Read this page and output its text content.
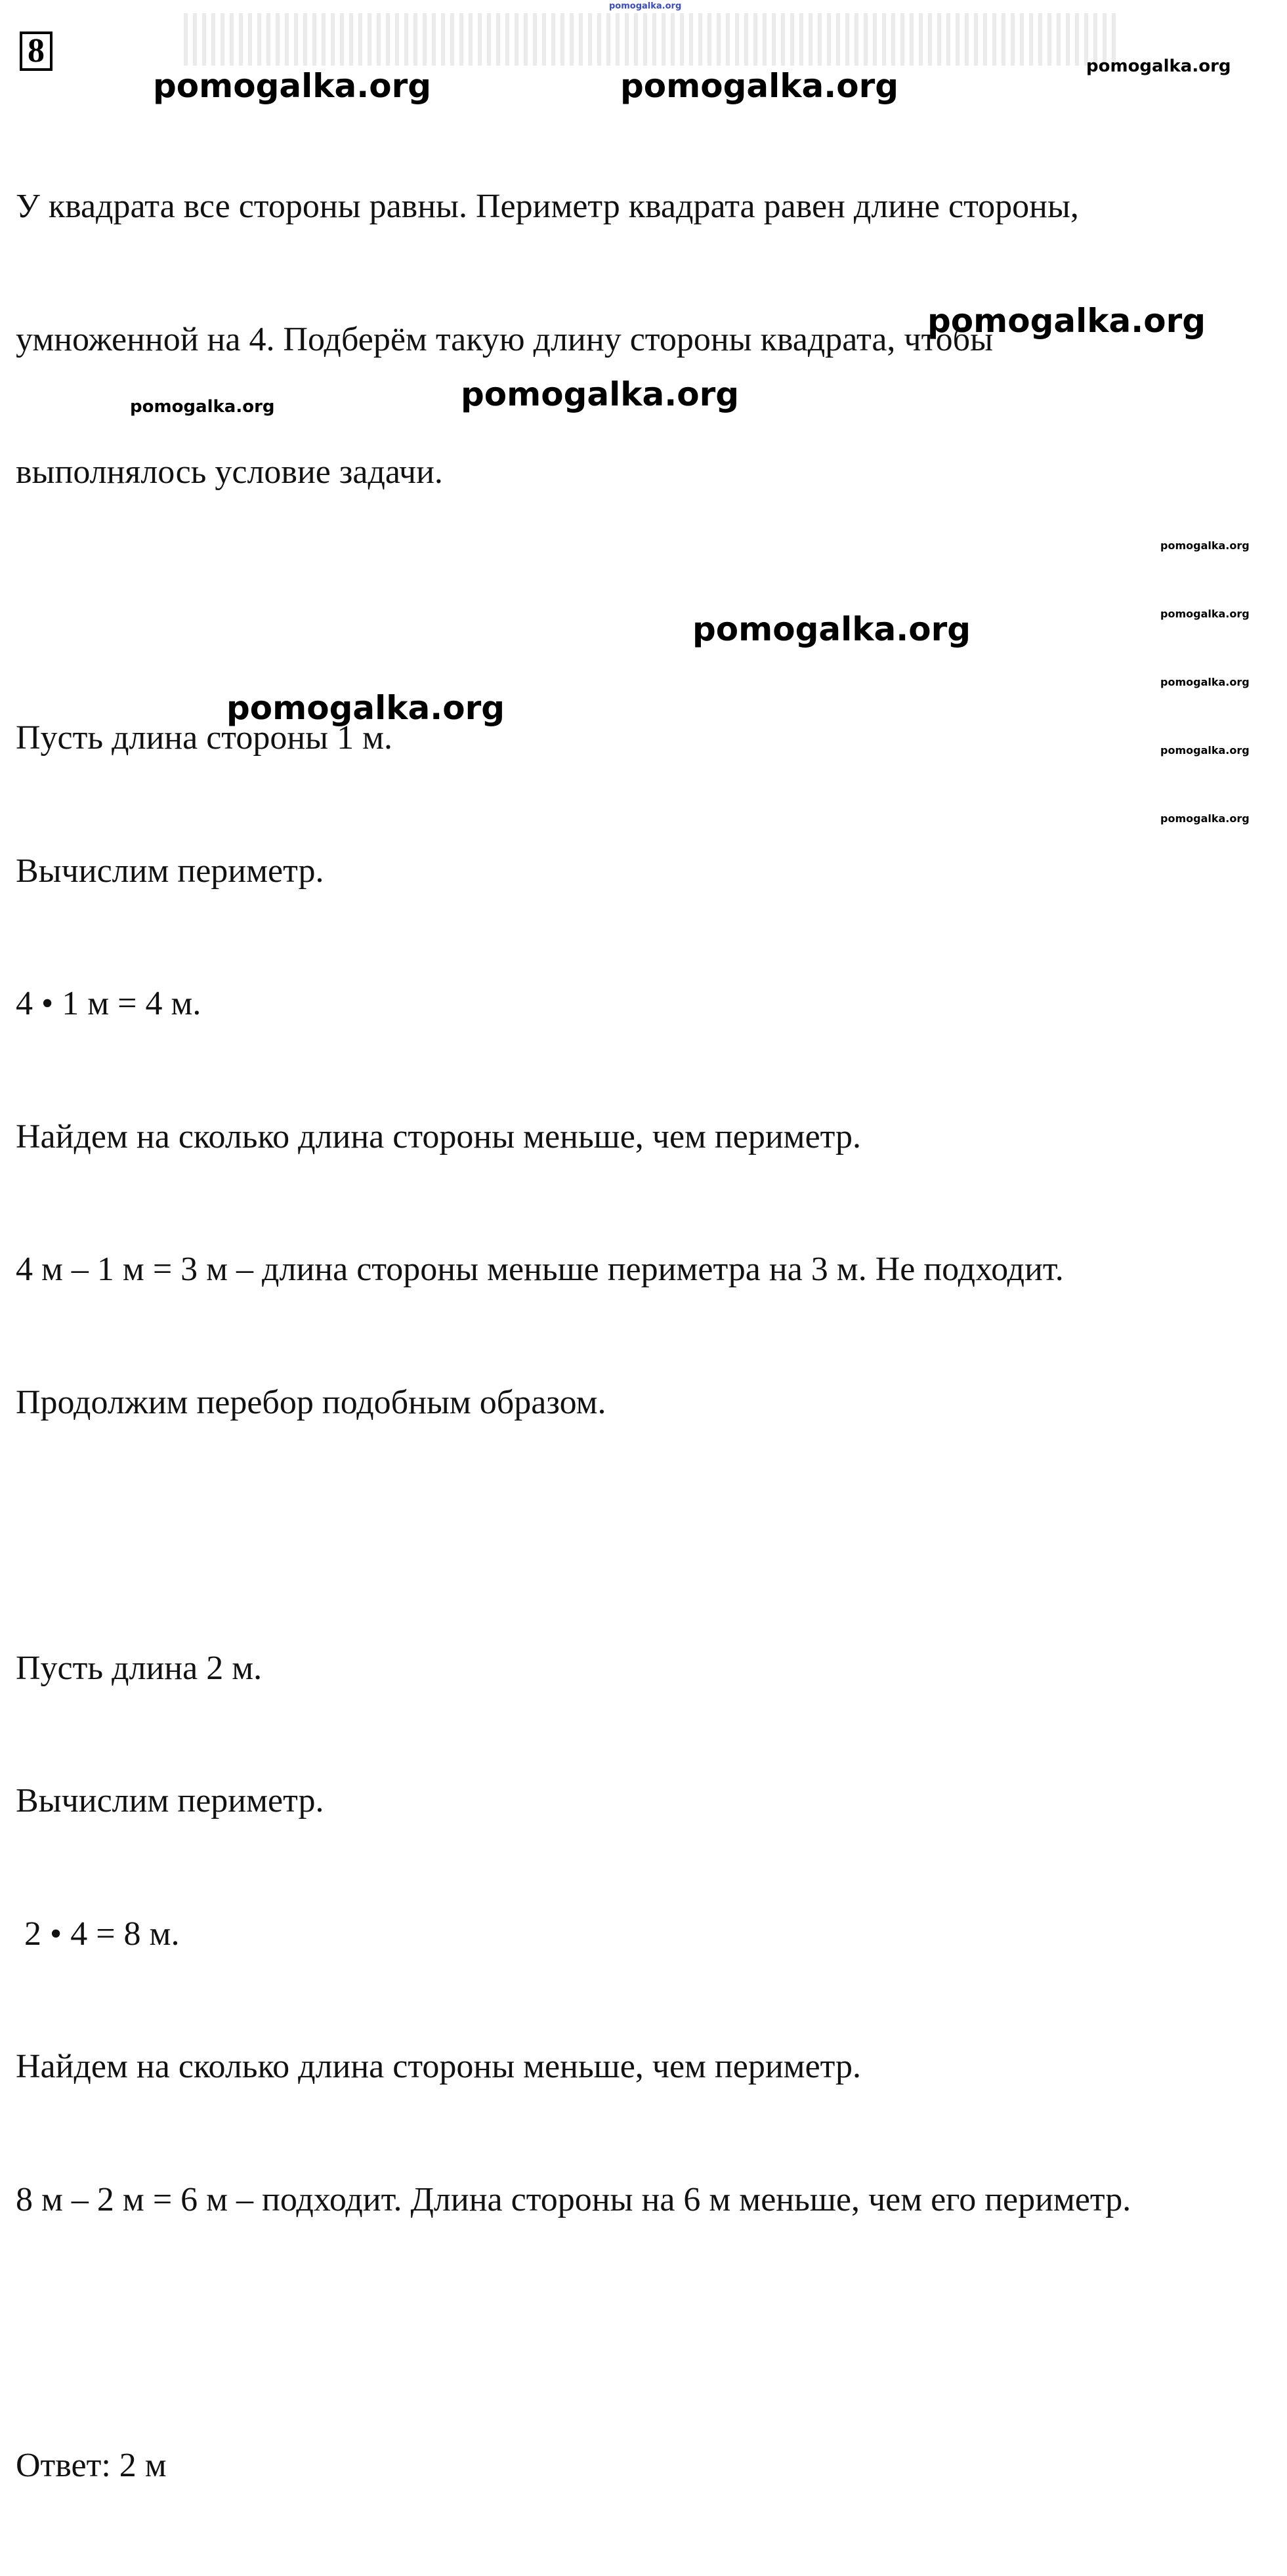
8

У квадрата все стороны равны. Периметр квадрата равен длине стороны,

умноженной на 4. Подберём такую длину стороны квадрата, чтобы

выполнялось условие задачи.

Пусть длина стороны 1 м.

Вычислим периметр.

4 • 1 м = 4 м.

Найдем на сколько длина стороны меньше, чем периметр.

4 м – 1 м = 3 м – длина стороны меньше периметра на 3 м. Не подходит.

Продолжим перебор подобным образом.

Пусть длина 2 м.

Вычислим периметр.

2 • 4 = 8 м.

Найдем на сколько длина стороны меньше, чем периметр.

8 м – 2 м = 6 м – подходит. Длина стороны на 6 м меньше, чем его периметр.

Ответ: 2 м

pomogalka.org
pomogalka.org
pomogalka.org	pomogalka.org
pomogalka.org
pomogalka.org
pomogalka.org
pomogalka.org
pomogalka.org	pomogalka.org
pomogalka.org
pomogalka.org
pomogalka.org
pomogalka.org
